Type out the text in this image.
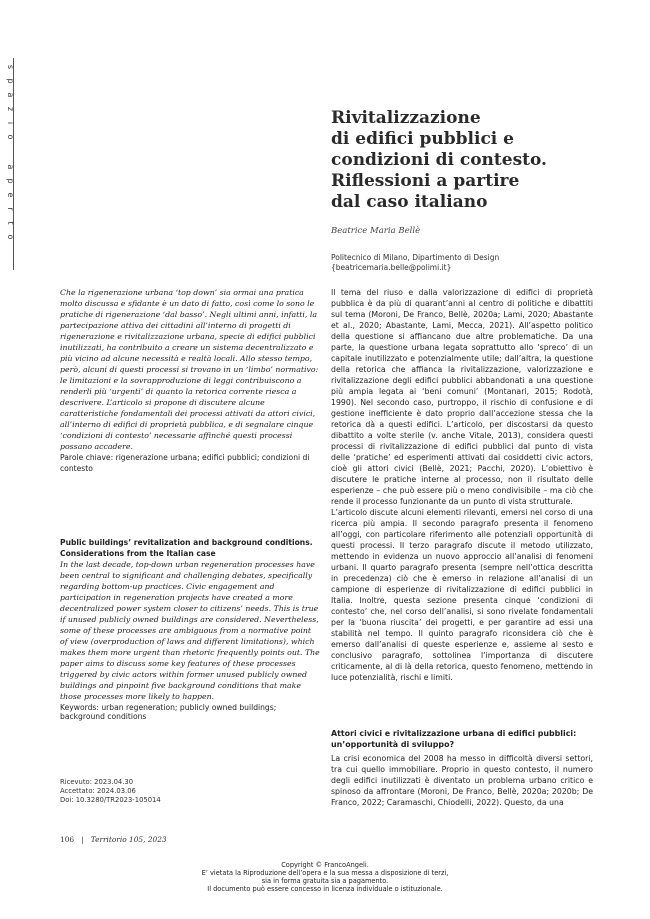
s
p
a
z
i
o
a
p
e
r
t
o
Rivitalizzazione
di edifici pubblici e
condizioni di contesto.
Riflessioni a partire
dal caso italiano
Beatrice Maria Bellè
Politecnico di Milano, Dipartimento di Design
{beatricemaria.belle@polimi.it}

Che la rigenerazione urbana ‘top down’ sia ormai una pratica molto discussa e sfidante è un dato di fatto, così come lo sono le pratiche di rigenerazione ‘dal basso’. Negli ultimi anni, infatti, la partecipazione attiva dei cittadini all’interno di progetti di rigenerazione e rivitalizzazione urbana, specie di edifici pubblici inutilizzati, ha contribuito a creare un sistema decentralizzato e più vicino ad alcune necessità e realtà locali. Allo stesso tempo, però, alcuni di questi processi si trovano in un ‘limbo’ normativo: le limitazioni e la sovrapproduzione di leggi contribuiscono a renderli più ‘urgenti’ di quanto la retorica corrente riesca a descrivere. L’articolo si propone di discutere alcune caratteristiche fondamentali dei processi attivati da attori civici, all’interno di edifici di proprietà pubblica, e di segnalare cinque ‘condizioni di contesto’ necessarie affinché questi processi possano accadere.

Parole chiave: rigenerazione urbana; edifici pubblici; condizioni di contesto

Public buildings’ revitalization and background conditions. Considerations from the Italian case

In the last decade, top-down urban regeneration processes have been central to significant and challenging debates, specifically regarding bottom-up practices. Civic engagement and participation in regeneration projects have created a more decentralized power system closer to citizens’ needs. This is true if unused publicly owned buildings are considered. Nevertheless, some of these processes are ambiguous from a normative point of view (overproduction of laws and different limitations), which makes them more urgent than rhetoric frequently points out. The paper aims to discuss some key features of these processes triggered by civic actors within former unused publicly owned buildings and pinpoint five background conditions that make those processes more likely to happen.

Keywords: urban regeneration; publicly owned buildings; background conditions

Ricevuto: 2023.04.30
Accettato: 2024.03.06
Doi: 10.3280/TR2023-105014

Il tema del riuso e dalla valorizzazione di edifici di proprietà pubblica è da più di quarant’anni al centro di politiche e dibattiti sul tema (Moroni, De Franco, Bellè, 2020a; Lami, 2020; Abastante et al., 2020; Abastante, Lami, Mecca, 2021). All’aspetto politico della questione si affiancano due altre problematiche. Da una parte, la questione urbana legata soprattutto allo ‘spreco’ di un capitale inutilizzato e potenzialmente utile; dall’altra, la questione della retorica che affianca la rivitalizzazione, valorizzazione e rivitalizzazione degli edifici pubblici abbandonati a una questione più ampia legata ai ‘beni comuni’ (Montanari, 2015; Rodotà, 1990). Nel secondo caso, purtroppo, il rischio di confusione e di gestione inefficiente è dato proprio dall’accezione stessa che la retorica dà a questi edifici. L’articolo, per discostarsi da questo dibattito a volte sterile (v. anche Vitale, 2013), considera questi processi di rivitalizzazione di edifici pubblici dal punto di vista delle ‘pratiche’ ed esperimenti attivati dai cosiddetti civic actors, cioè gli attori civici (Bellè, 2021; Pacchi, 2020). L’obiettivo è discutere le pratiche interne al processo, non il risultato delle esperienze – che può essere più o meno condivisibile – ma ciò che rende il processo funzionante da un punto di vista strutturale.

L’articolo discute alcuni elementi rilevanti, emersi nel corso di una ricerca più ampia. Il secondo paragrafo presenta il fenomeno all’oggi, con particolare riferimento alle potenziali opportunità di questi processi. Il terzo paragrafo discute il metodo utilizzato, mettendo in evidenza un nuovo approccio all’analisi di fenomeni urbani. Il quarto paragrafo presenta (sempre nell’ottica descritta in precedenza) ciò che è emerso in relazione all’analisi di un campione di esperienze di rivitalizzazione di edifici pubblici in Italia. Inoltre, questa sezione presenta cinque ‘condizioni di contesto’ che, nel corso dell’analisi, si sono rivelate fondamentali per la ‘buona riuscita’ dei progetti, e per garantire ad essi una stabilità nel tempo. Il quinto paragrafo riconsidera ciò che è emerso dall’analisi di queste esperienze e, assieme al sesto e conclusivo paragrafo, sottolinea l’importanza di discutere criticamente, al di là della retorica, questo fenomeno, mettendo in luce potenzialità, rischi e limiti.

Attori civici e rivitalizzazione urbana di edifici pubblici: un’opportunità di sviluppo?
La crisi economica del 2008 ha messo in difficoltà diversi settori, tra cui quello immobiliare. Proprio in questo contesto, il numero degli edifici inutilizzati è diventato un problema urbano critico e spinoso da affrontare (Moroni, De Franco, Bellè, 2020a; 2020b; De Franco, 2022; Caramaschi, Chiodelli, 2022). Questo, da una
106 | Territorio 105, 2023
Copyright © FrancoAngeli.
E’ vietata la Riproduzione dell’opera e la sua messa a disposizione di terzi,
sia in forma gratuita sia a pagamento.
Il documento può essere concesso in licenza individuale o istituzionale.
